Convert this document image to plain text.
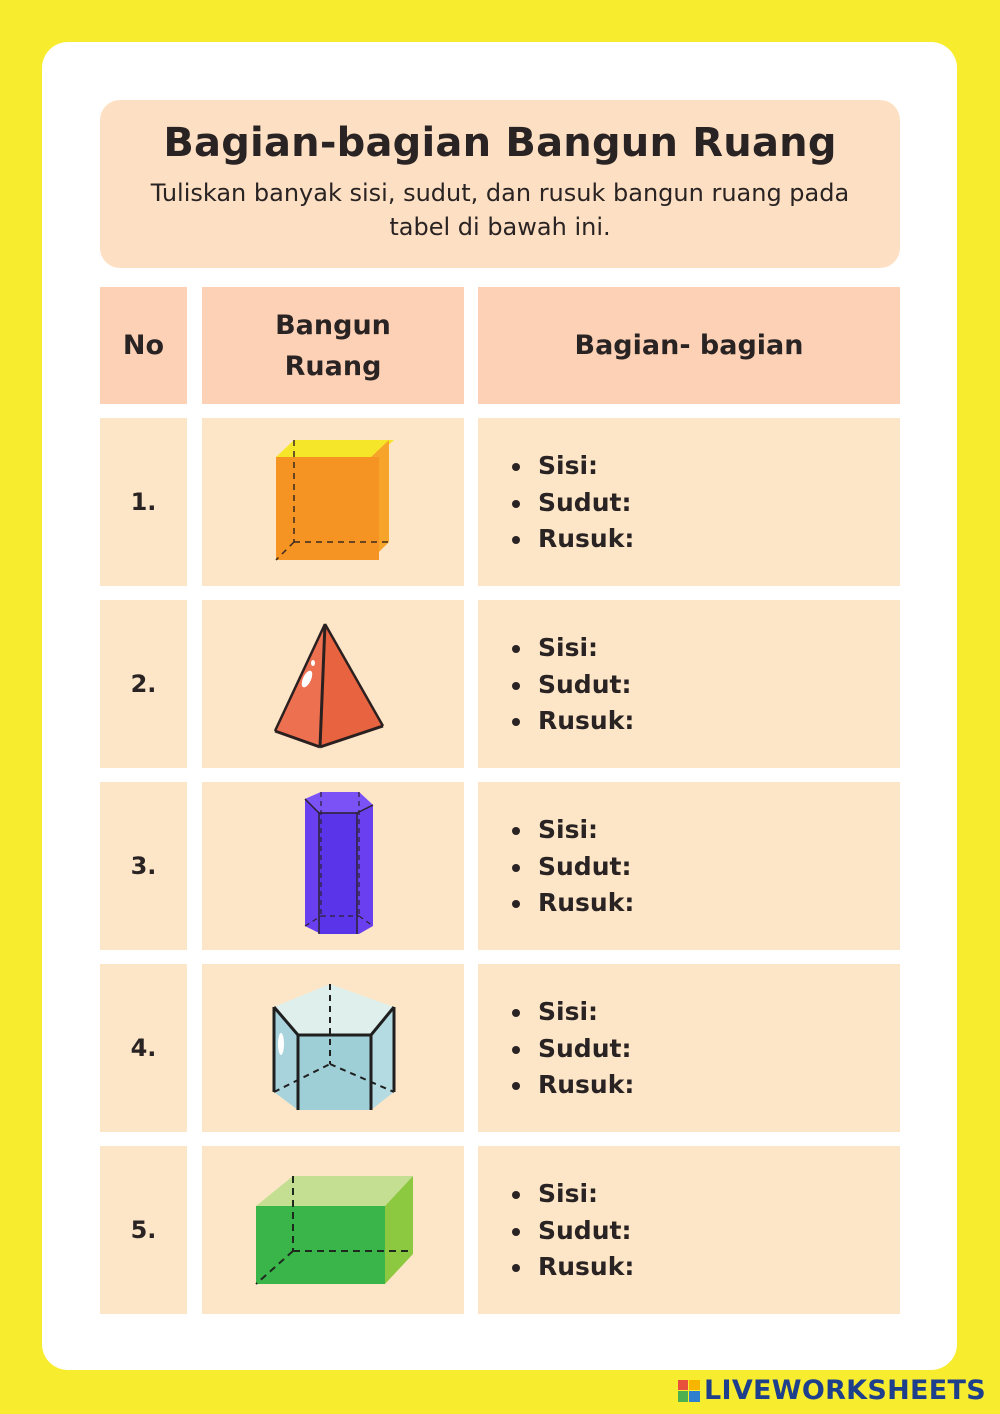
Bagian-bagian Bangun Ruang
Tuliskan banyak sisi, sudut, dan rusuk bangun ruang pada tabel di bawah ini.
No
Bangun Ruang
Bagian- bagian
1.
Sisi:
Sudut:
Rusuk:
2.
Sisi:
Sudut:
Rusuk:
3.
Sisi:
Sudut:
Rusuk:
4.
Sisi:
Sudut:
Rusuk:
5.
Sisi:
Sudut:
Rusuk:
LIVEWORKSHEETS
